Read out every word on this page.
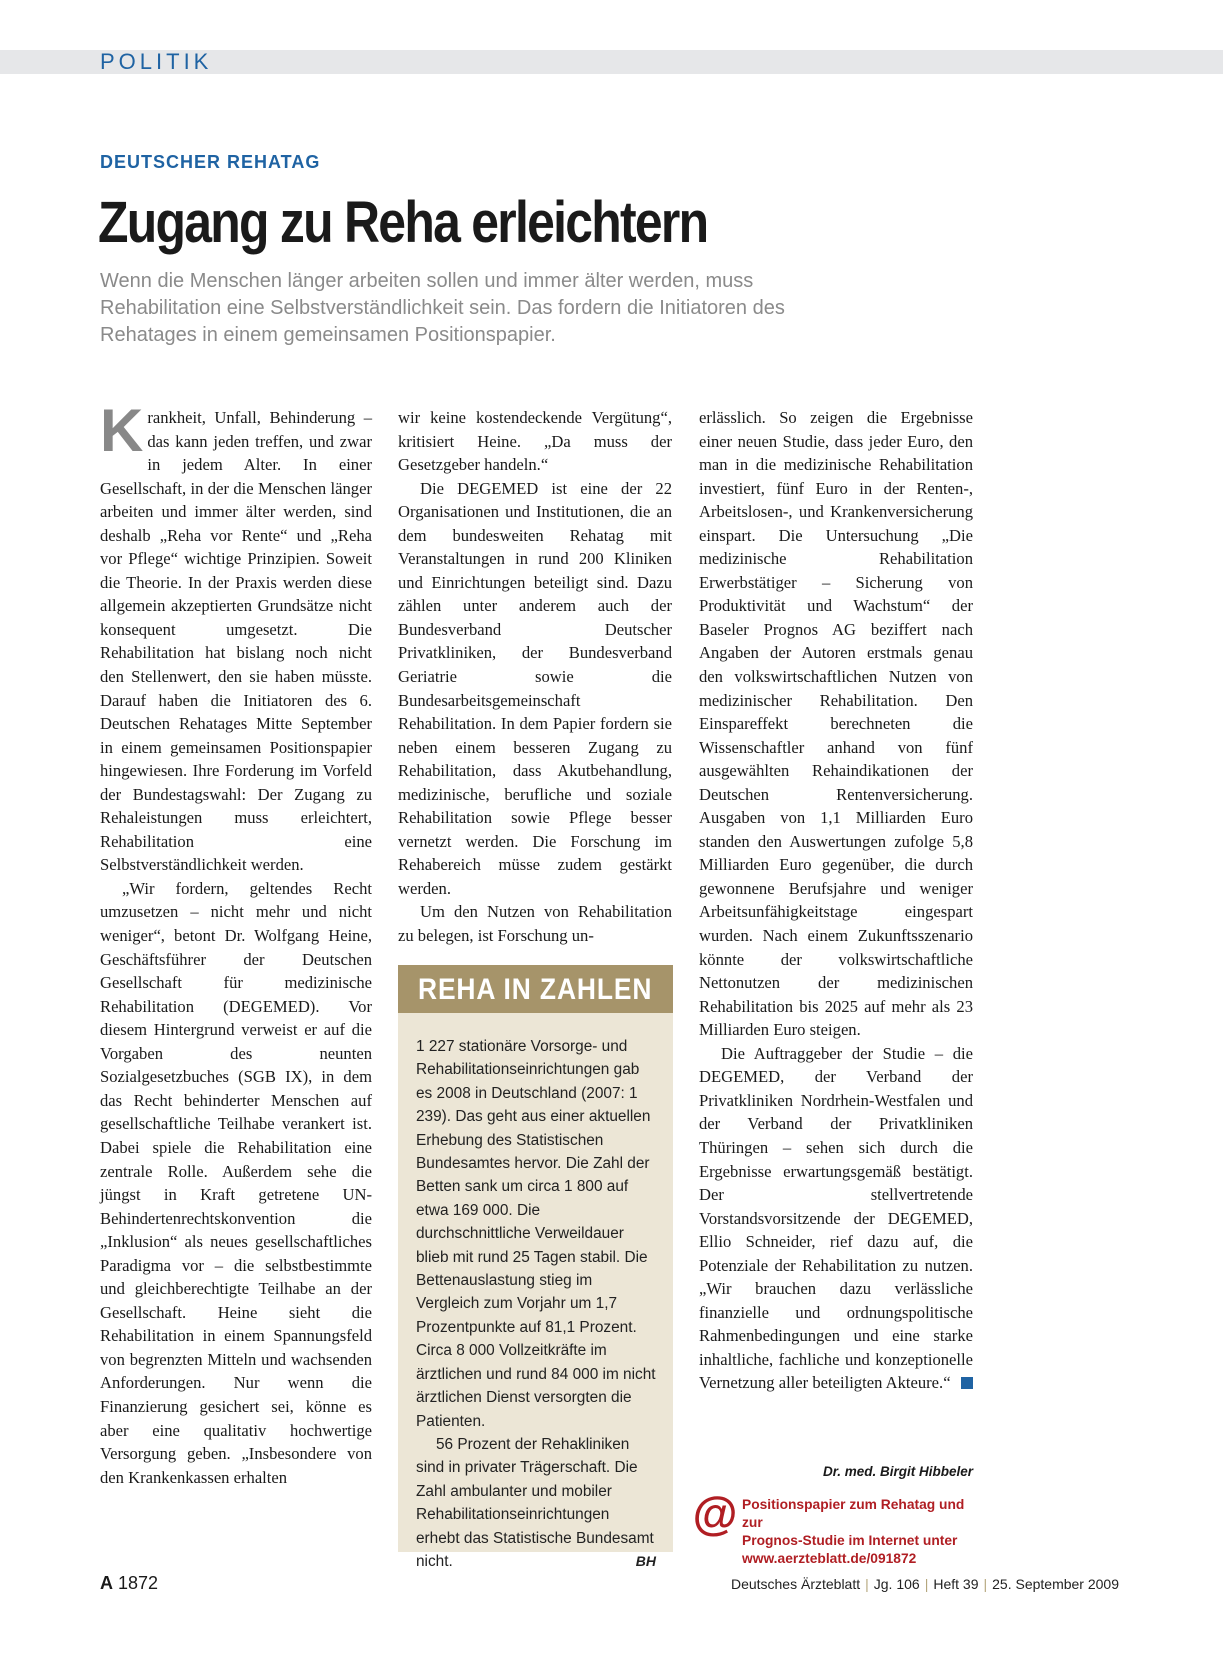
POLITIK
DEUTSCHER REHATAG
Zugang zu Reha erleichtern
Wenn die Menschen länger arbeiten sollen und immer älter werden, muss Rehabilitation eine Selbstverständlichkeit sein. Das fordern die Initiatoren des Rehatages in einem gemeinsamen Positionspapier.

Krankheit, Unfall, Behinderung – das kann jeden treffen, und zwar in jedem Alter. In einer Gesellschaft, in der die Menschen länger arbeiten und immer älter werden, sind deshalb „Reha vor Rente“ und „Reha vor Pflege“ wichtige Prinzipien. Soweit die Theorie. In der Praxis werden diese allgemein akzeptierten Grundsätze nicht konsequent umgesetzt. Die Rehabilitation hat bislang noch nicht den Stellenwert, den sie haben müsste. Darauf haben die Initiatoren des 6. Deutschen Rehatages Mitte September in einem gemeinsamen Positionspapier hingewiesen. Ihre Forderung im Vorfeld der Bundestagswahl: Der Zugang zu Rehaleistungen muss erleichtert, Rehabilitation eine Selbstverständlichkeit werden.

„Wir fordern, geltendes Recht umzusetzen – nicht mehr und nicht weniger“, betont Dr. Wolfgang Heine, Geschäftsführer der Deutschen Gesellschaft für medizinische Rehabilitation (DEGEMED). Vor diesem Hintergrund verweist er auf die Vorgaben des neunten Sozialgesetzbuches (SGB IX), in dem das Recht behinderter Menschen auf gesellschaftliche Teilhabe verankert ist. Dabei spiele die Rehabilitation eine zentrale Rolle. Außerdem sehe die jüngst in Kraft getretene UN-Behindertenrechtskonvention die „Inklusion“ als neues gesellschaftliches Paradigma vor – die selbstbestimmte und gleichberechtigte Teilhabe an der Gesellschaft. Heine sieht die Rehabilitation in einem Spannungsfeld von begrenzten Mitteln und wachsenden Anforderungen. Nur wenn die Finanzierung gesichert sei, könne es aber eine qualitativ hochwertige Versorgung geben. „Insbesondere von den Krankenkassen erhalten

wir keine kostendeckende Vergütung“, kritisiert Heine. „Da muss der Gesetzgeber handeln.“

Die DEGEMED ist eine der 22 Organisationen und Institutionen, die an dem bundesweiten Rehatag mit Veranstaltungen in rund 200 Kliniken und Einrichtungen beteiligt sind. Dazu zählen unter anderem auch der Bundesverband Deutscher Privatkliniken, der Bundesverband Geriatrie sowie die Bundesarbeitsgemeinschaft Rehabilitation. In dem Papier fordern sie neben einem besseren Zugang zu Rehabilitation, dass Akutbehandlung, medizinische, berufliche und soziale Rehabilitation sowie Pflege besser vernetzt werden. Die Forschung im Rehabereich müsse zudem gestärkt werden.

Um den Nutzen von Rehabilitation zu belegen, ist Forschung un-

REHA IN ZAHLEN

1 227 stationäre Vorsorge- und Rehabilitationseinrichtungen gab es 2008 in Deutschland (2007: 1 239). Das geht aus einer aktuellen Erhebung des Statistischen Bundesamtes hervor. Die Zahl der Betten sank um circa 1 800 auf etwa 169 000. Die durchschnittliche Verweildauer blieb mit rund 25 Tagen stabil. Die Bettenauslastung stieg im Vergleich zum Vorjahr um 1,7 Prozentpunkte auf 81,1 Prozent. Circa 8 000 Vollzeitkräfte im ärztlichen und rund 84 000 im nicht ärztlichen Dienst versorgten die Patienten.

56 Prozent der Rehakliniken sind in privater Trägerschaft. Die Zahl ambulanter und mobiler Rehabilitationseinrichtungen erhebt das Statistische Bundesamt nicht.	BH

erlässlich. So zeigen die Ergebnisse einer neuen Studie, dass jeder Euro, den man in die medizinische Rehabilitation investiert, fünf Euro in der Renten-, Arbeitslosen-, und Krankenversicherung einspart. Die Untersuchung „Die medizinische Rehabilitation Erwerbstätiger – Sicherung von Produktivität und Wachstum“ der Baseler Prognos AG beziffert nach Angaben der Autoren erstmals genau den volkswirtschaftlichen Nutzen von medizinischer Rehabilitation. Den Einspareffekt berechneten die Wissenschaftler anhand von fünf ausgewählten Rehaindikationen der Deutschen Rentenversicherung. Ausgaben von 1,1 Milliarden Euro standen den Auswertungen zufolge 5,8 Milliarden Euro gegenüber, die durch gewonnene Berufsjahre und weniger Arbeitsunfähigkeitstage eingespart wurden. Nach einem Zukunftsszenario könnte der volkswirtschaftliche Nettonutzen der medizinischen Rehabilitation bis 2025 auf mehr als 23 Milliarden Euro steigen.

Die Auftraggeber der Studie – die DEGEMED, der Verband der Privatkliniken Nordrhein-Westfalen und der Verband der Privatkliniken Thüringen – sehen sich durch die Ergebnisse erwartungsgemäß bestätigt. Der stellvertretende Vorstandsvorsitzende der DEGEMED, Ellio Schneider, rief dazu auf, die Potenziale der Rehabilitation zu nutzen. „Wir brauchen dazu verlässliche finanzielle und ordnungspolitische Rahmenbedingungen und eine starke inhaltliche, fachliche und konzeptionelle Vernetzung aller beteiligten Akteure.“

Dr. med. Birgit Hibbeler
@ Positionspapier zum Rehatag und zur
Prognos-Studie im Internet unter
www.aerzteblatt.de/091872
A 1872	Deutsches Ärzteblatt | Jg. 106 | Heft 39 | 25. September 2009
